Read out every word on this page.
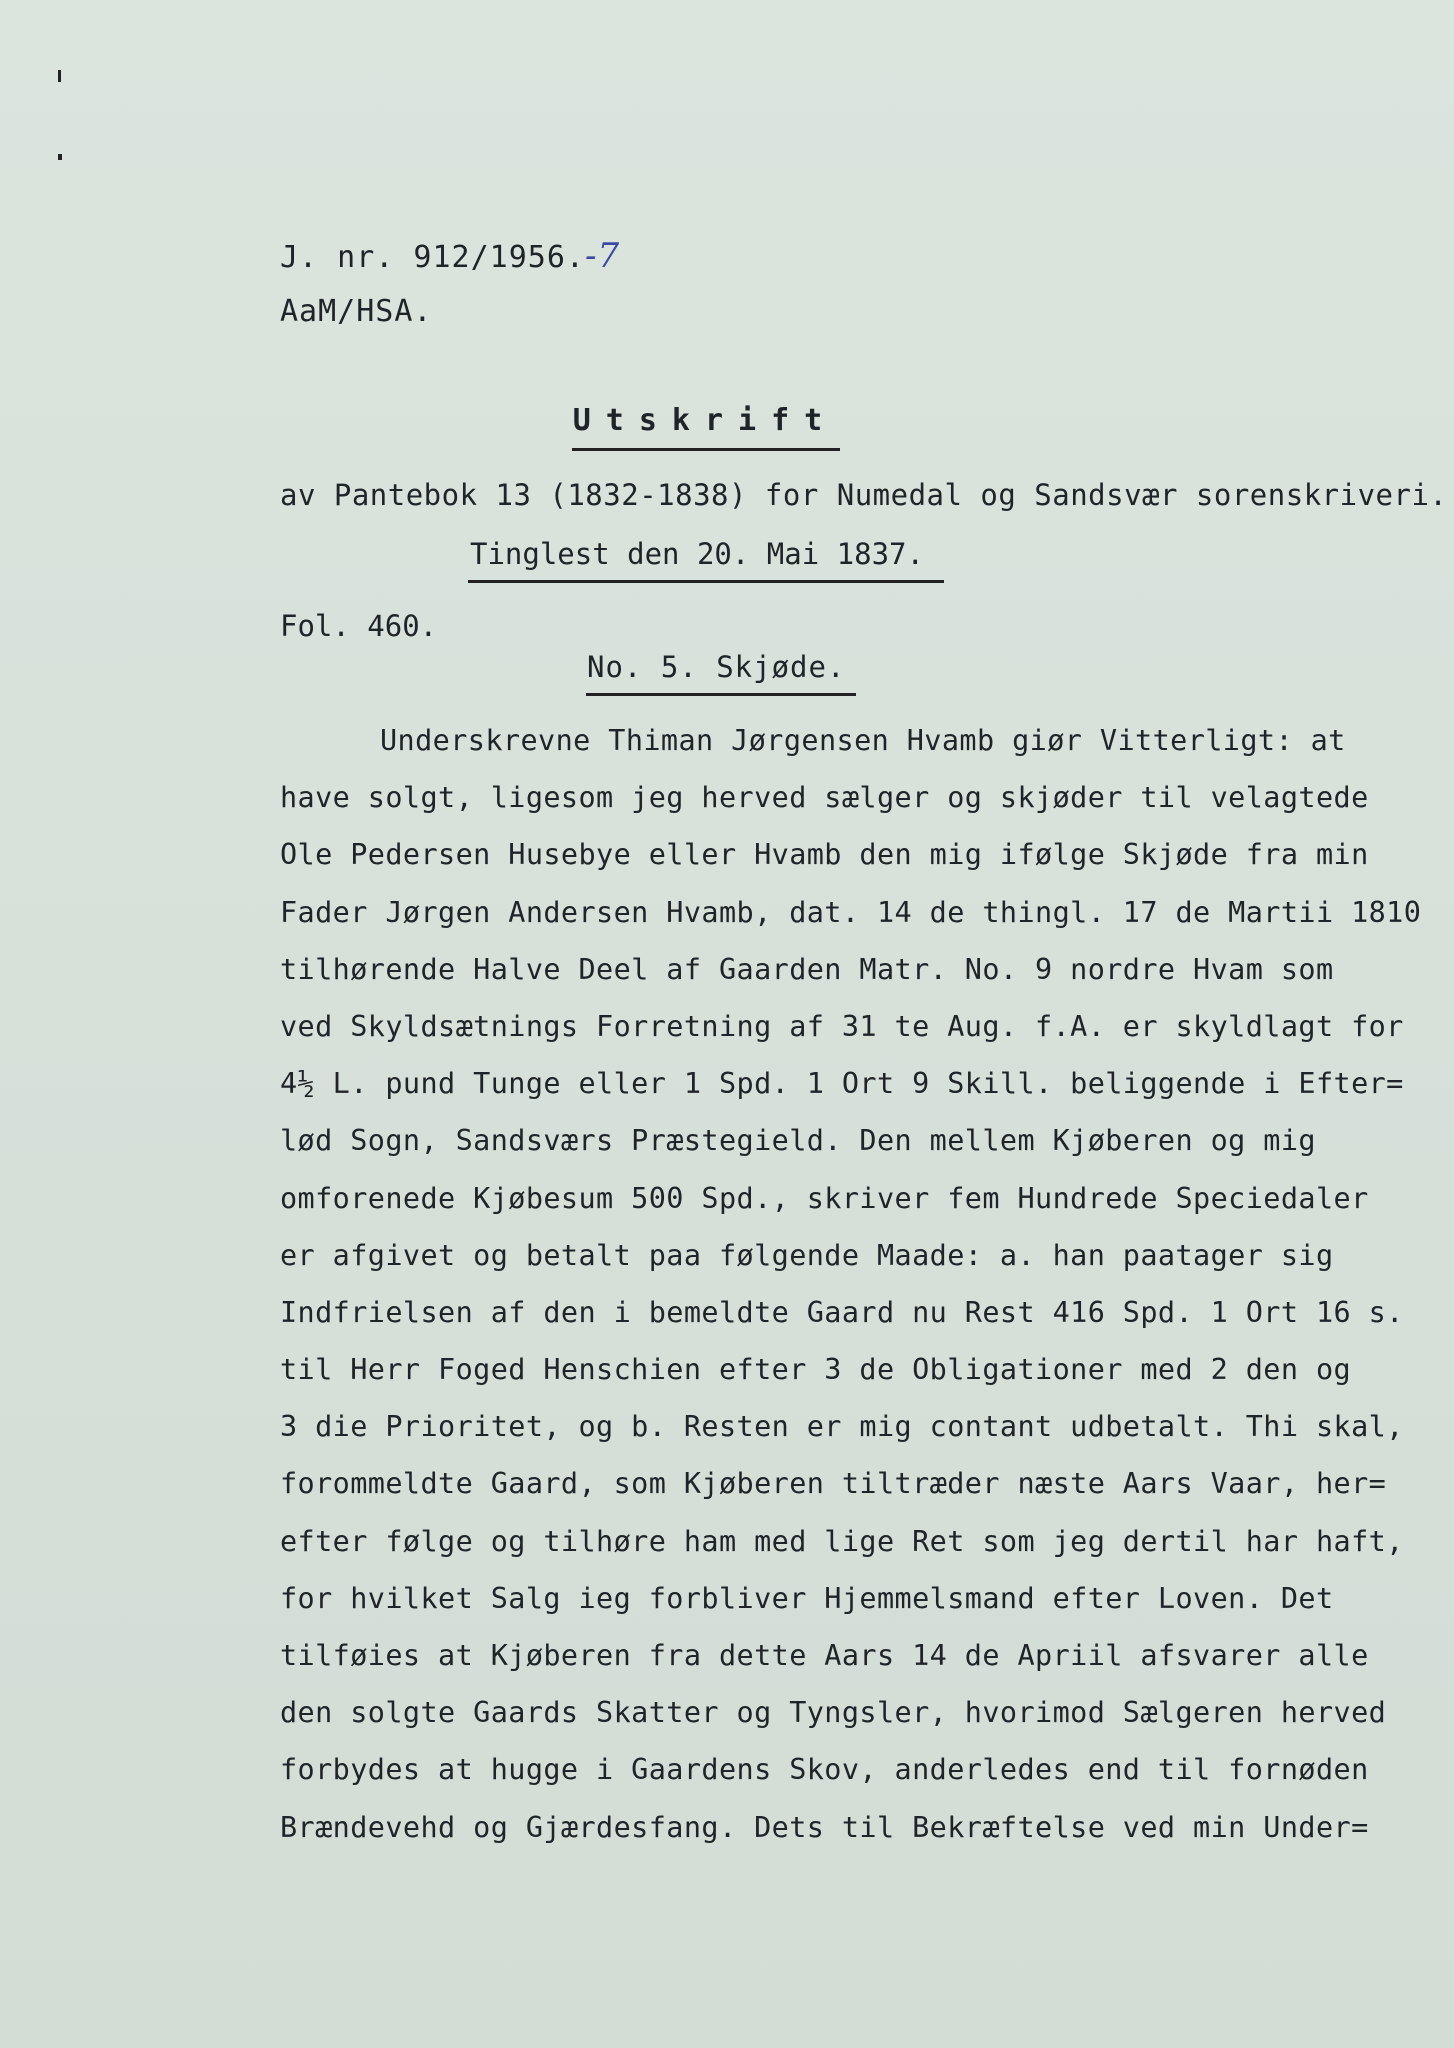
J. nr. 912/1956.-7
AaM/HSA.
Utskrift
av Pantebok 13 (1832-1838) for Numedal og Sandsvær sorenskriveri.
Tinglest den 20. Mai 1837.
Fol. 460.
No. 5. Skjøde.
Underskrevne Thiman Jørgensen Hvamb giør Vitterligt: at
have solgt, ligesom jeg herved sælger og skjøder til velagtede
Ole Pedersen Husebye eller Hvamb den mig ifølge Skjøde fra min
Fader Jørgen Andersen Hvamb, dat. 14 de thingl. 17 de Martii 1810
tilhørende Halve Deel af Gaarden Matr. No. 9 nordre Hvam som
ved Skyldsætnings Forretning af 31 te Aug. f.A. er skyldlagt for
4½ L. pund Tunge eller 1 Spd. 1 Ort 9 Skill. beliggende i Efter=
lød Sogn, Sandsværs Præstegield. Den mellem Kjøberen og mig
omforenede Kjøbesum 500 Spd., skriver fem Hundrede Speciedaler
er afgivet og betalt paa følgende Maade: a. han paatager sig
Indfrielsen af den i bemeldte Gaard nu Rest 416 Spd. 1 Ort 16 s.
til Herr Foged Henschien efter 3 de Obligationer med 2 den og
3 die Prioritet, og b. Resten er mig contant udbetalt. Thi skal,
forommeldte Gaard, som Kjøberen tiltræder næste Aars Vaar, her=
efter følge og tilhøre ham med lige Ret som jeg dertil har haft,
for hvilket Salg ieg forbliver Hjemmelsmand efter Loven. Det
tilføies at Kjøberen fra dette Aars 14 de Apriil afsvarer alle
den solgte Gaards Skatter og Tyngsler, hvorimod Sælgeren herved
forbydes at hugge i Gaardens Skov, anderledes end til fornøden
Brændevehd og Gjærdesfang. Dets til Bekræftelse ved min Under=
